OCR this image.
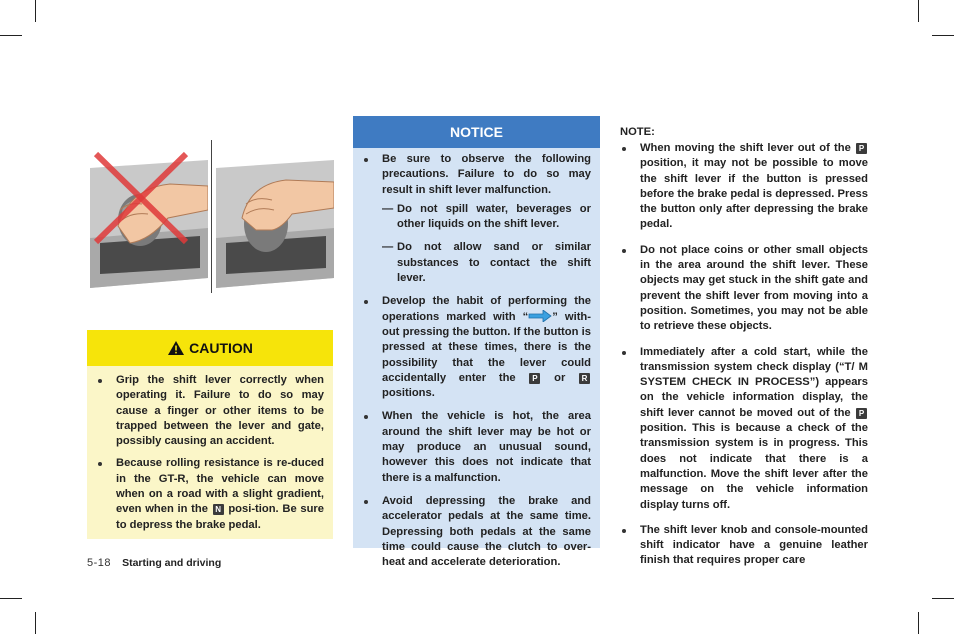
CAUTION
Grip the shift lever correctly when operating it. Failure to do so may cause a finger or other items to be trapped between the lever and gate, possibly causing an accident.
Because rolling resistance is re-duced in the GT-R, the vehicle can move when on a road with a slight gradient, even when in the N posi-tion. Be sure to depress the brake pedal.
NOTICE
Be sure to observe the following precautions. Failure to do so may result in shift lever malfunction.
— Do not spill water, beverages or other liquids on the shift lever.
— Do not allow sand or similar substances to contact the shift lever.
Develop the habit of performing the operations marked with “ ” with-out pressing the button. If the button is pressed at these times, there is the possibility that the lever could accidentally enter the P or R positions.
When the vehicle is hot, the area around the shift lever may be hot or may produce an unusual sound, however this does not indicate that there is a malfunction.
Avoid depressing the brake and accelerator pedals at the same time. Depressing both pedals at the same time could cause the clutch to over-heat and accelerate deterioration.
NOTE:
When moving the shift lever out of the P position, it may not be possible to move the shift lever if the button is pressed before the brake pedal is depressed. Press the button only after depressing the brake pedal.
Do not place coins or other small objects in the area around the shift lever. These objects may get stuck in the shift gate and prevent the shift lever from moving into a position. Sometimes, you may not be able to retrieve these objects.
Immediately after a cold start, while the transmission system check display (“T/ M SYSTEM CHECK IN PROCESS”) appears on the vehicle information display, the shift lever cannot be moved out of the P position. This is because a check of the transmission system is in progress. This does not indicate that there is a malfunction. Move the shift lever after the message on the vehicle information display turns off.
The shift lever knob and console-mounted shift indicator have a genuine leather finish that requires proper care
5-18 Starting and driving
